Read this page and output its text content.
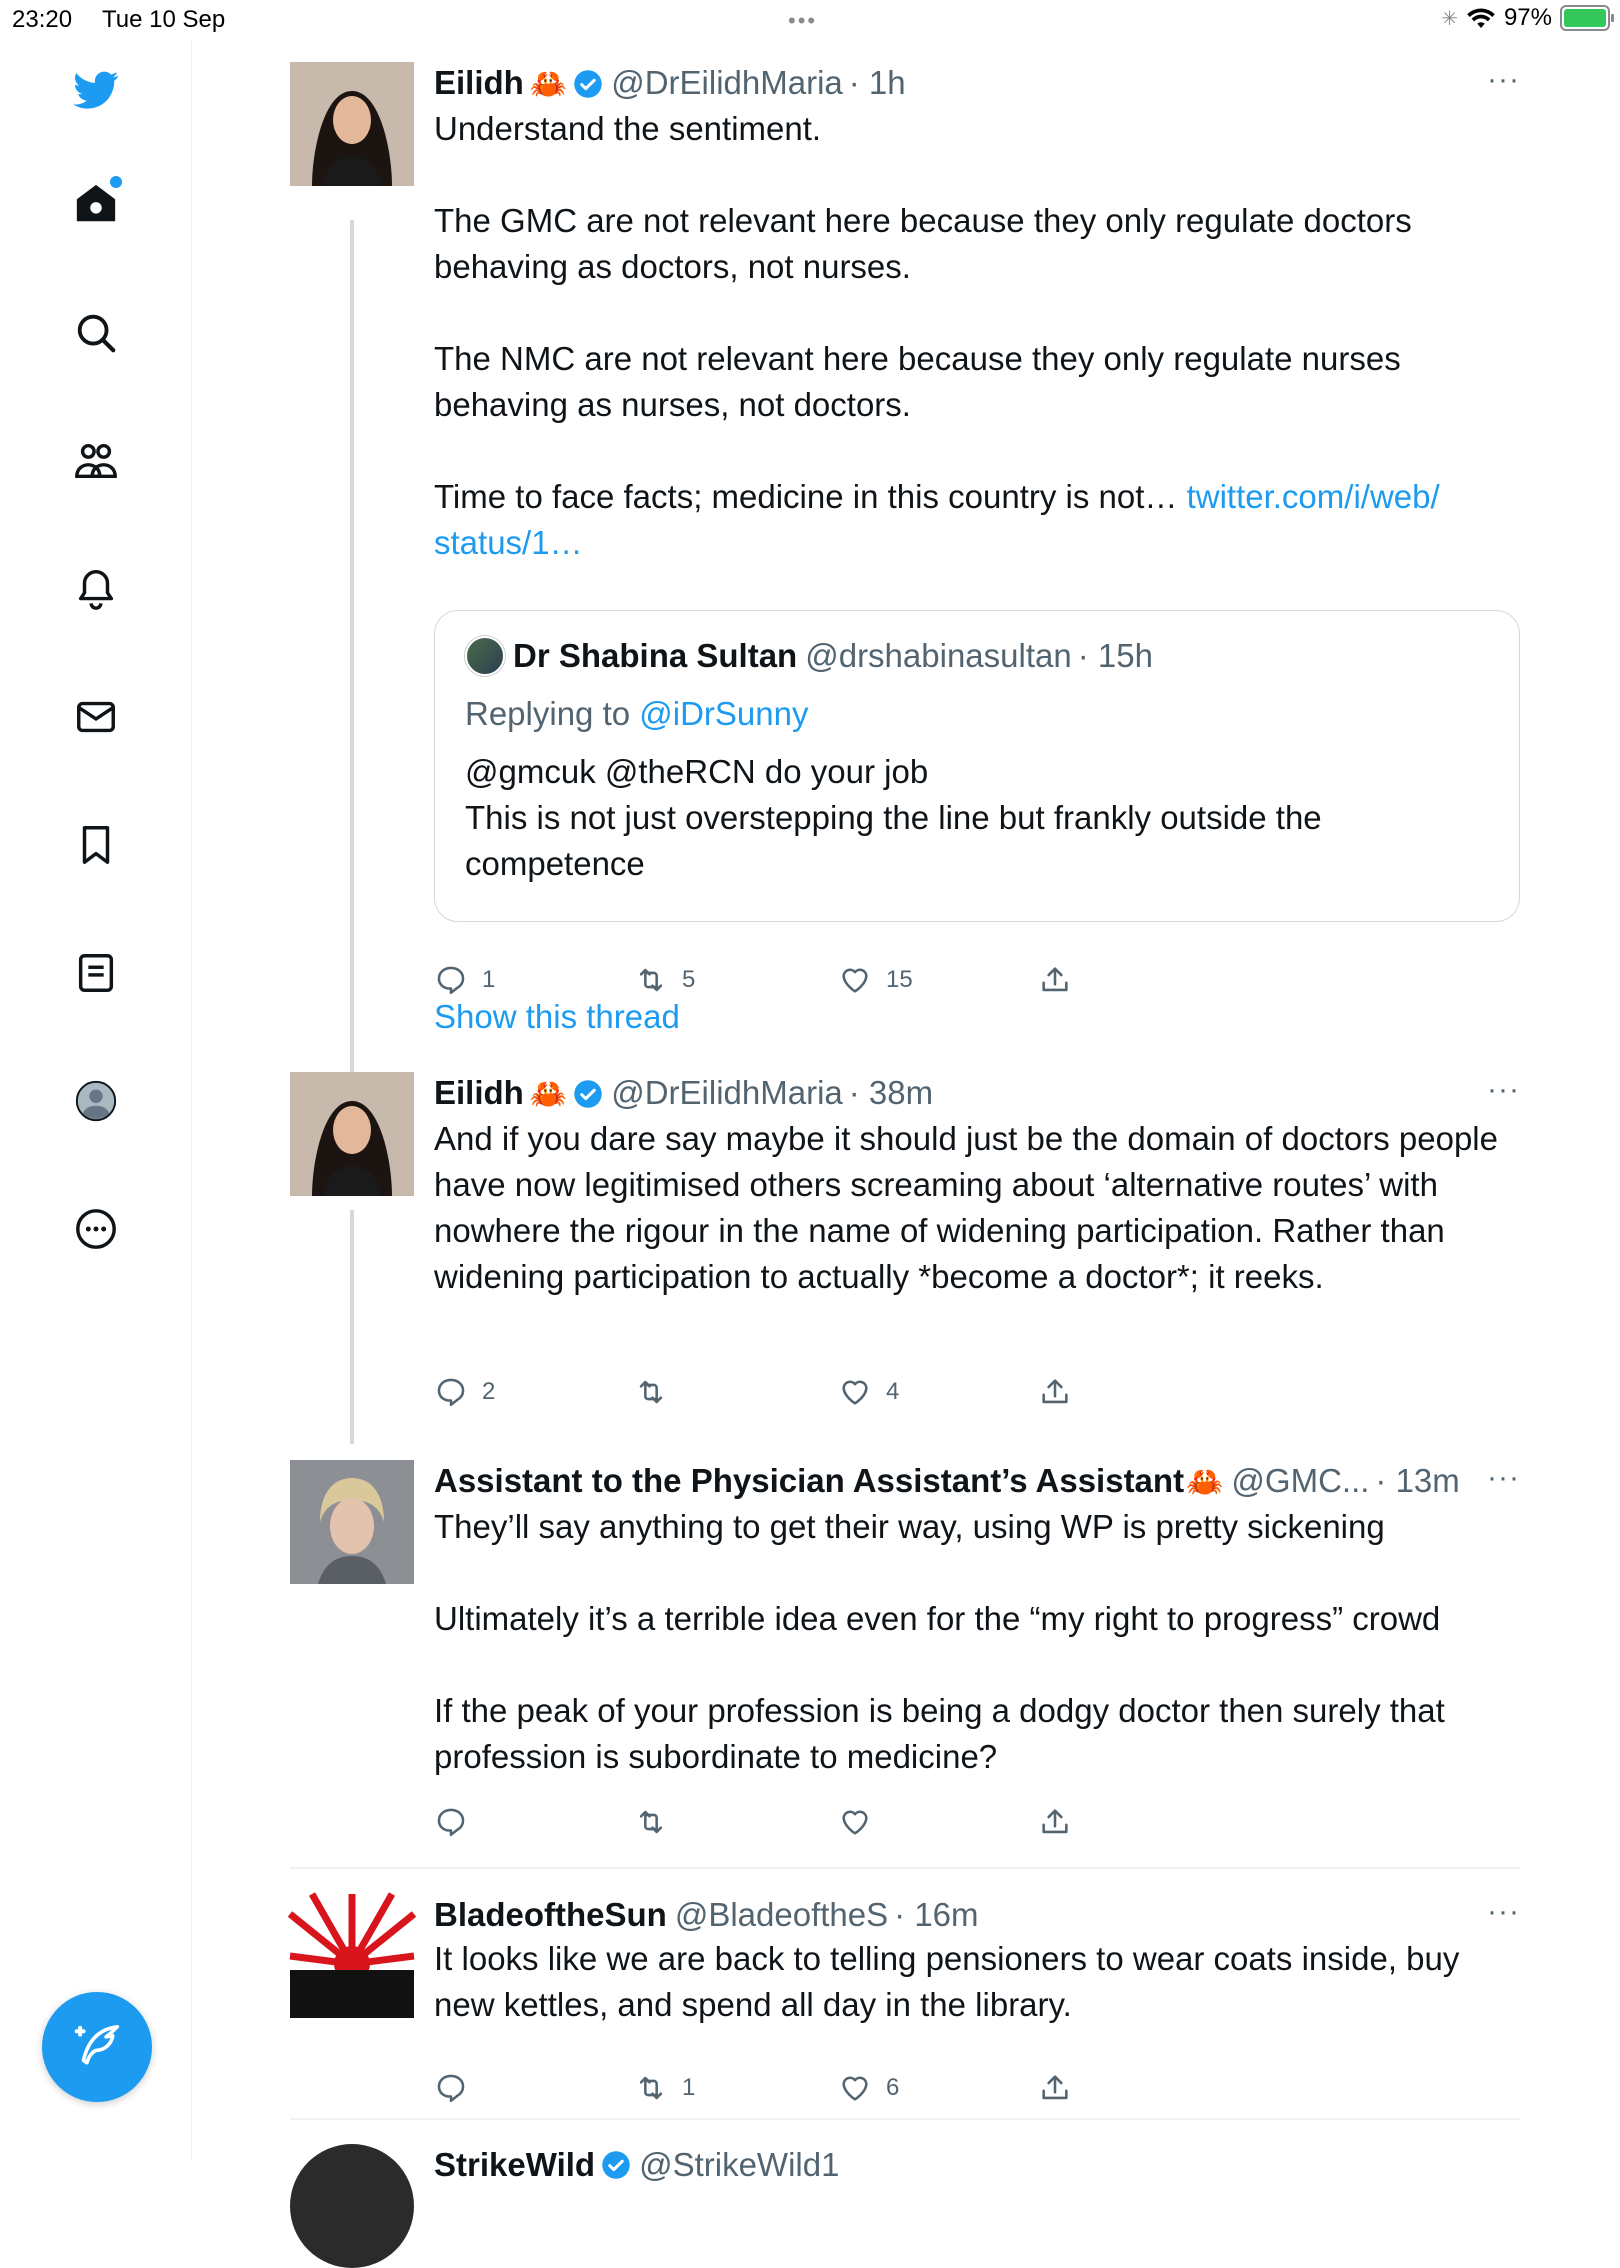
23:20 Tue 10 Sep	•••	✳ 97%
Eilidh 🦀 @DrEilidhMaria · 1h	···
Understand the sentiment.

The GMC are not relevant here because they only regulate doctors behaving as doctors, not nurses.

The NMC are not relevant here because they only regulate nurses behaving as nurses, not doctors.

Time to face facts; medicine in this country is not… twitter.com/i/web/
status/1…
Dr Shabina Sultan @drshabinasultan · 15h
Replying to @iDrSunny
@gmcuk @theRCN do your job
This is not just overstepping the line but frankly outside the competence
1	5	15
Show this thread
Eilidh 🦀 @DrEilidhMaria · 38m	···
And if you dare say maybe it should just be the domain of doctors people have now legitimised others screaming about ‘alternative routes’ with nowhere the rigour in the name of widening participation. Rather than widening participation to actually *become a doctor*; it reeks.
2	4
Assistant to the Physician Assistant’s Assistant 🦀 @GMC... · 13m ···
They’ll say anything to get their way, using WP is pretty sickening

Ultimately it’s a terrible idea even for the “my right to progress” crowd

If the peak of your profession is being a dodgy doctor then surely that profession is subordinate to medicine?
BladeoftheSun @BladeoftheS · 16m	···
It looks like we are back to telling pensioners to wear coats inside, buy new kettles, and spend all day in the library.
1	6
StrikeWild @StrikeWild1
